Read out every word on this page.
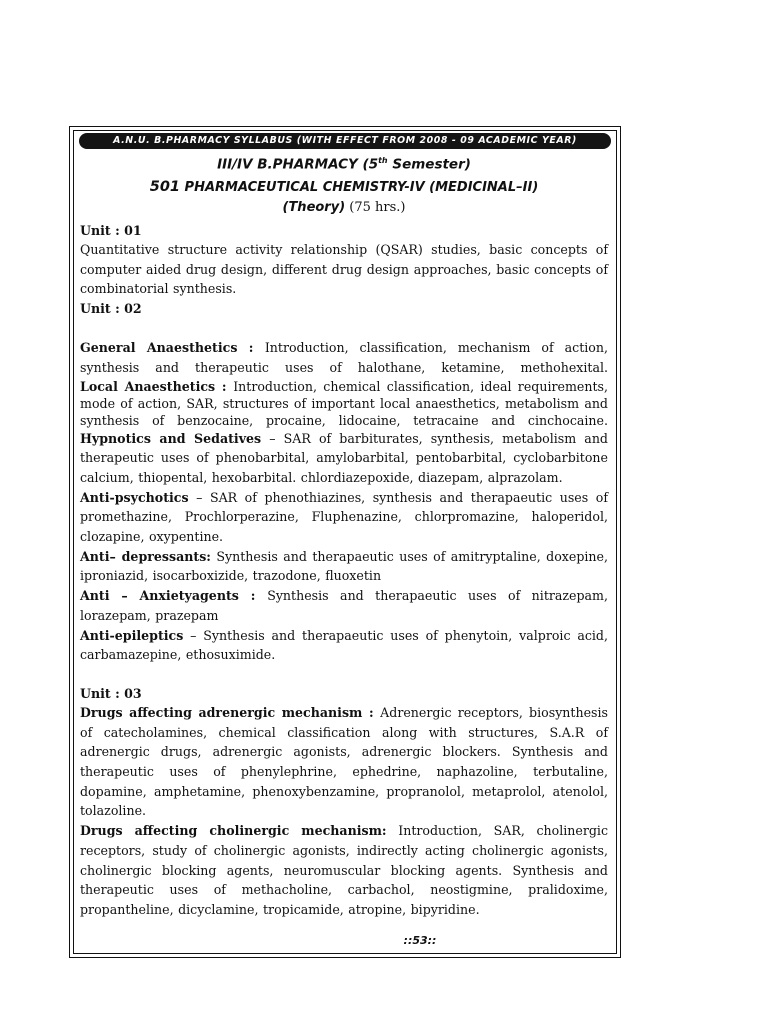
A.N.U. B.PHARMACY SYLLABUS (WITH EFFECT FROM 2008 - 09 ACADEMIC YEAR)
III/IV B.PHARMACY (5th Semester)
501 PHARMACEUTICAL CHEMISTRY-IV (MEDICINAL–II)
(Theory) (75 hrs.)
Unit : 01
Quantitative structure activity relationship (QSAR) studies, basic concepts of computer aided drug design, different drug design approaches, basic concepts of combinatorial synthesis.
Unit : 02
General Anaesthetics : Introduction, classification, mechanism of action, synthesis and therapeutic uses of halothane, ketamine, methohexital.
Local Anaesthetics : Introduction, chemical classification, ideal requirements, mode of action, SAR, structures of important local anaesthetics, metabolism and synthesis of benzocaine, procaine, lidocaine, tetracaine and cinchocaine.
Hypnotics and Sedatives – SAR of barbiturates, synthesis, metabolism and therapeutic uses of phenobarbital, amylobarbital, pentobarbital, cyclobarbitone calcium, thiopental, hexobarbital. chlordiazepoxide, diazepam, alprazolam.
Anti-psychotics – SAR of phenothiazines, synthesis and therapaeutic uses of promethazine, Prochlorperazine, Fluphenazine, chlorpromazine, haloperidol, clozapine, oxypentine.
Anti– depressants: Synthesis and therapaeutic uses of amitryptaline, doxepine, iproniazid, isocarboxizide, trazodone, fluoxetin
Anti – Anxietyagents : Synthesis and therapaeutic uses of nitrazepam, lorazepam, prazepam
Anti-epileptics – Synthesis and therapaeutic uses of phenytoin, valproic acid, carbamazepine, ethosuximide.
Unit : 03
Drugs affecting adrenergic mechanism : Adrenergic receptors, biosynthesis of catecholamines, chemical classification along with structures, S.A.R of adrenergic drugs, adrenergic agonists, adrenergic blockers. Synthesis and therapeutic uses of phenylephrine, ephedrine, naphazoline, terbutaline, dopamine, amphetamine, phenoxybenzamine, propranolol, metaprolol, atenolol, tolazoline.
Drugs affecting cholinergic mechanism: Introduction, SAR, cholinergic receptors, study of cholinergic agonists, indirectly acting cholinergic agonists, cholinergic blocking agents, neuromuscular blocking agents. Synthesis and therapeutic uses of methacholine, carbachol, neostigmine, pralidoxime, propantheline, dicyclamine, tropicamide, atropine, bipyridine.
::53::
